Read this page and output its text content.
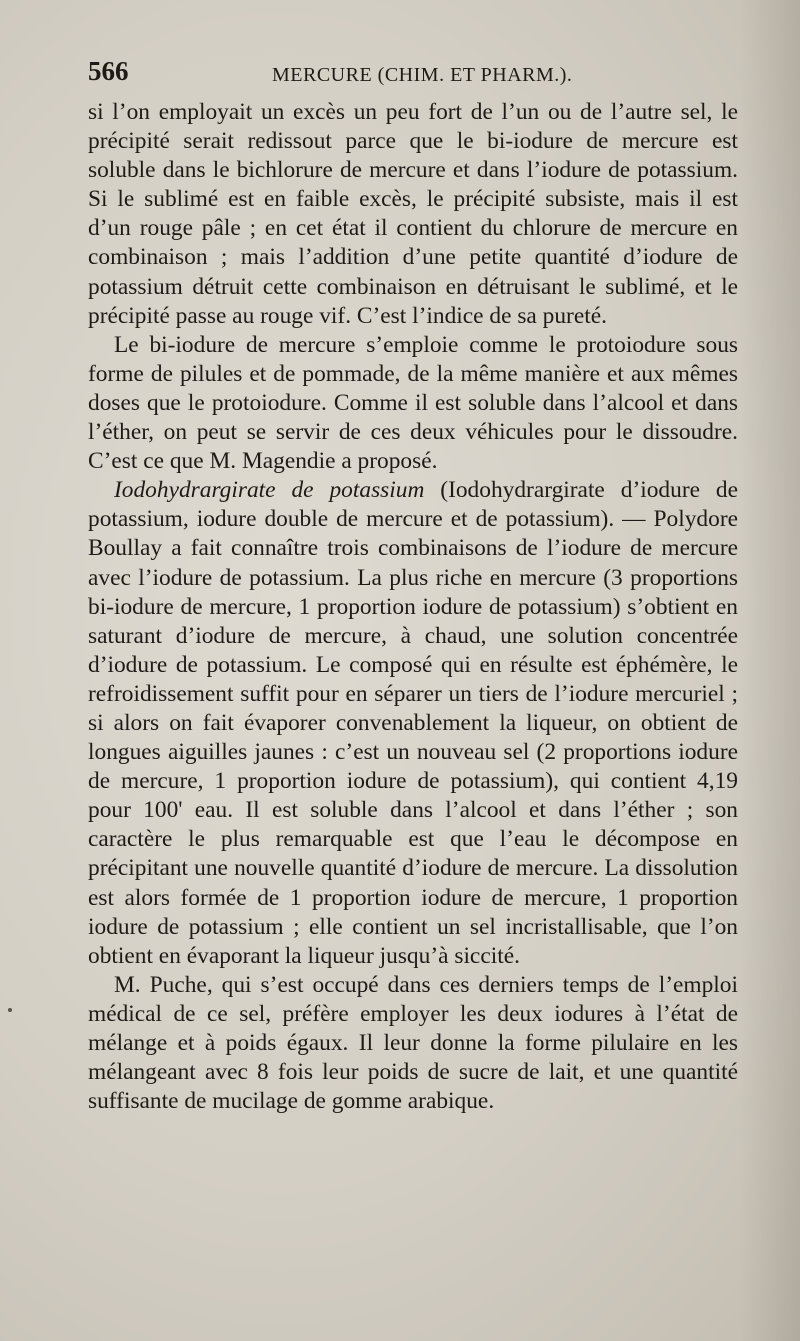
566	MERCURE (CHIM. ET PHARM.).

si l’on employait un excès un peu fort de l’un ou de l’autre sel, le précipité serait redissout parce que le bi-iodure de mercure est soluble dans le bichlorure de mercure et dans l’iodure de potassium. Si le sublimé est en faible excès, le précipité subsiste, mais il est d’un rouge pâle ; en cet état il contient du chlorure de mercure en combinaison ; mais l’addition d’une petite quantité d’iodure de potassium détruit cette combinaison en détruisant le sublimé, et le précipité passe au rouge vif. C’est l’indice de sa pureté.

Le bi-iodure de mercure s’emploie comme le protoiodure sous forme de pilules et de pommade, de la même manière et aux mêmes doses que le protoiodure. Comme il est soluble dans l’alcool et dans l’éther, on peut se servir de ces deux véhicules pour le dissoudre. C’est ce que M. Magendie a proposé.

Iodohydrargirate de potassium (Iodohydrargirate d’iodure de potassium, iodure double de mercure et de potassium). — Polydore Boullay a fait connaître trois combinaisons de l’iodure de mercure avec l’iodure de potassium. La plus riche en mercure (3 proportions bi-iodure de mercure, 1 proportion iodure de potassium) s’obtient en saturant d’iodure de mercure, à chaud, une solution concentrée d’iodure de potassium. Le composé qui en résulte est éphémère, le refroidissement suffit pour en séparer un tiers de l’iodure mercuriel ; si alors on fait évaporer convenablement la liqueur, on obtient de longues aiguilles jaunes : c’est un nouveau sel (2 proportions iodure de mercure, 1 proportion iodure de potassium), qui contient 4,19 pour 100' eau. Il est soluble dans l’alcool et dans l’éther ; son caractère le plus remarquable est que l’eau le décompose en précipitant une nouvelle quantité d’iodure de mercure. La dissolution est alors formée de 1 proportion iodure de mercure, 1 proportion iodure de potassium ; elle contient un sel incristallisable, que l’on obtient en évaporant la liqueur jusqu’à siccité.

M. Puche, qui s’est occupé dans ces derniers temps de l’emploi médical de ce sel, préfère employer les deux iodures à l’état de mélange et à poids égaux. Il leur donne la forme pilulaire en les mélangeant avec 8 fois leur poids de sucre de lait, et une quantité suffisante de mucilage de gomme arabique.
